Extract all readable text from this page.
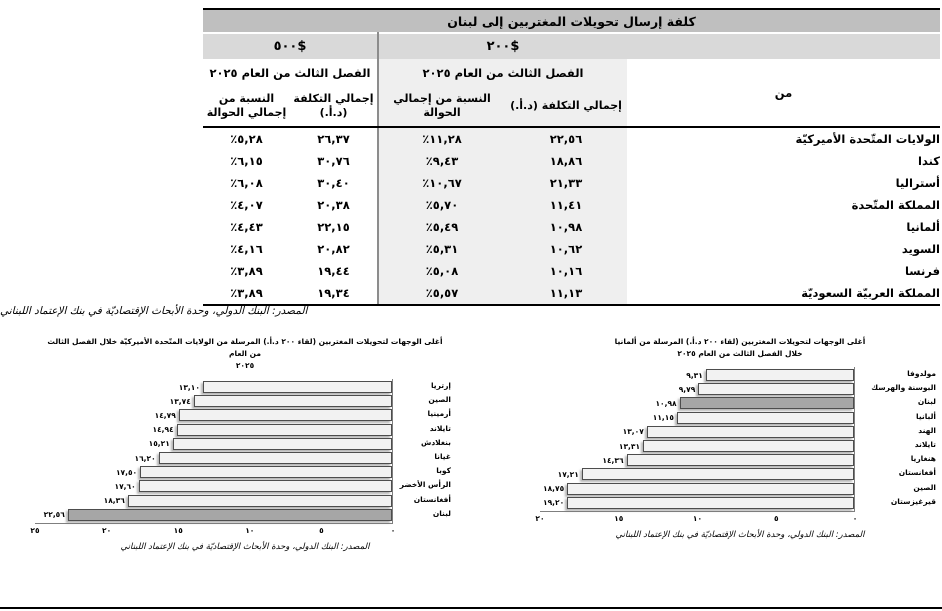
كلفة إرسال تحويلات المغتربين إلى لبنان				
	$٢٠٠		$٥٠٠	
من	الفصل الثالث من العام ٢٠٢٥		الفصل الثالث من العام ٢٠٢٥	
	إجمالي التكلفة (د.أ.)	النسبة من إجمالي الحوالة	إجمالي التكلفة (د.أ.)	النسبة من إجمالي الحوالة
الولايات المتّحدة الأميركيّة	٢٢,٥٦	١١,٢٨٪	٢٦,٣٧	٥,٢٨٪
كندا	١٨,٨٦	٩,٤٣٪	٣٠,٧٦	٦,١٥٪
أستراليا	٢١,٣٣	١٠,٦٧٪	٣٠,٤٠	٦,٠٨٪
المملكة المتّحدة	١١,٤١	٥,٧٠٪	٢٠,٣٨	٤,٠٧٪
ألمانيا	١٠,٩٨	٥,٤٩٪	٢٢,١٥	٤,٤٣٪
السويد	١٠,٦٢	٥,٣١٪	٢٠,٨٢	٤,١٦٪
فرنسا	١٠,١٦	٥,٠٨٪	١٩,٤٤	٣,٨٩٪
المملكة العربيّة السعوديّة	١١,١٣	٥,٥٧٪	١٩,٣٤	٣,٨٩٪
المصدر: البنك الدولي، وحدة الأبحاث الإقتصاديّة في بنك الإعتماد اللبناني
أغلى الوجهات لتحويلات المغتربين (لقاء ٢٠٠ د.أ.) المرسلة من الولايات المتّحدة الأميركيّة خلال الفصل الثالث من العام
٢٠٢٥
إرتريا
الصين
أرمينيا
تايلاند
بنغلادش
غيانا
كوبا
الرأس الأخضر
أفغانستان
لبنان
١٣,١٠
١٣,٧٤
١٤,٧٩
١٤,٩٤
١٥,٢١
١٦,٢٠
١٧,٥٠
١٧,٦٠
١٨,٣٦
٢٢,٥٦
٠
٥
١٠
١٥
٢٠
٢٥
المصدر: البنك الدولي، وحدة الأبحاث الإقتصاديّة في بنك الإعتماد اللبناني
أغلى الوجهات لتحويلات المغتربين (لقاء ٢٠٠ د.أ.) المرسلة من ألمانيا
خلال الفصل الثالث من العام ٢٠٢٥
مولدوفا
البوسنة والهرسك
لبنان
ألبانيا
الهند
تايلاند
هنغاريا
أفغانستان
الصين
قيرغيزستان
٩,٣١
٩,٧٩
١٠,٩٨
١١,١٥
١٣,٠٧
١٣,٣١
١٤,٣٦
١٧,٢١
١٨,٧٥
١٩,٢٠
٠
٥
١٠
١٥
٢٠
المصدر: البنك الدولي، وحدة الأبحاث الإقتصاديّة في بنك الإعتماد اللبناني
